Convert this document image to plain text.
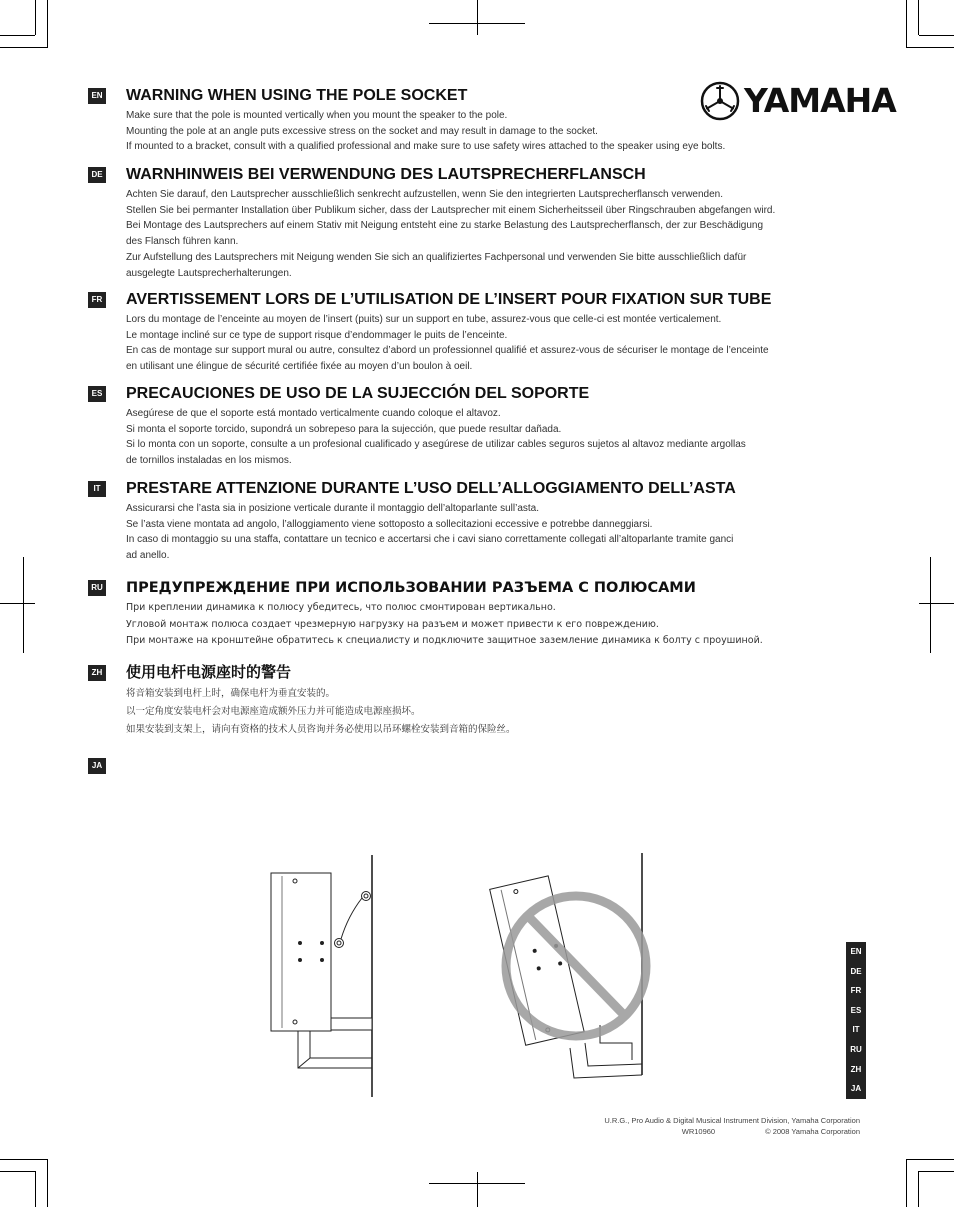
YAMAHA
EN WARNING WHEN USING THE POLE SOCKET
Make sure that the pole is mounted vertically when you mount the speaker to the pole.
Mounting the pole at an angle puts excessive stress on the socket and may result in damage to the socket.
If mounted to a bracket, consult with a qualified professional and make sure to use safety wires attached to the speaker using eye bolts.
DE WARNHINWEIS BEI VERWENDUNG DES LAUTSPRECHERFLANSCH
Achten Sie darauf, den Lautsprecher ausschließlich senkrecht aufzustellen, wenn Sie den integrierten Lautsprecherflansch verwenden.
Stellen Sie bei permanter Installation über Publikum sicher, dass der Lautsprecher mit einem Sicherheitsseil über Ringschrauben abgefangen wird.
Bei Montage des Lautsprechers auf einem Stativ mit Neigung entsteht eine zu starke Belastung des Lautsprecherflansch, der zur Beschädigung
des Flansch führen kann.
Zur Aufstellung des Lautsprechers mit Neigung wenden Sie sich an qualifiziertes Fachpersonal und verwenden Sie bitte ausschließlich dafür
ausgelegte Lautsprecherhalterungen.
FR AVERTISSEMENT LORS DE L’UTILISATION DE L’INSERT POUR FIXATION SUR TUBE
Lors du montage de l’enceinte au moyen de l’insert (puits) sur un support en tube, assurez-vous que celle-ci est montée verticalement.
Le montage incliné sur ce type de support risque d’endommager le puits de l’enceinte.
En cas de montage sur support mural ou autre, consultez d’abord un professionnel qualifié et assurez-vous de sécuriser le montage de l’enceinte
en utilisant une élingue de sécurité certifiée fixée au moyen d’un boulon à oeil.
ES PRECAUCIONES DE USO DE LA SUJECCIÓN DEL SOPORTE
Asegúrese de que el soporte está montado verticalmente cuando coloque el altavoz.
Si monta el soporte torcido, supondrá un sobrepeso para la sujección, que puede resultar dañada.
Si lo monta con un soporte, consulte a un profesional cualificado y asegúrese de utilizar cables seguros sujetos al altavoz mediante argollas
de tornillos instaladas en los mismos.
IT	PRESTARE ATTENZIONE DURANTE L’USO DELL’ALLOGGIAMENTO DELL’ASTA
Assicurarsi che l’asta sia in posizione verticale durante il montaggio dell’altoparlante sull’asta.
Se l’asta viene montata ad angolo, l’alloggiamento viene sottoposto a sollecitazioni eccessive e potrebbe danneggiarsi.
In caso di montaggio su una staffa, contattare un tecnico e accertarsi che i cavi siano correttamente collegati all’altoparlante tramite ganci
ad anello.
RU ПРЕДУПРЕЖДЕНИЕ ПРИ ИСПОЛЬЗОВАНИИ РАЗЪЕМА С ПОЛЮСАМИ
При креплении динамика к полюсу убедитесь, что полюс смонтирован вертикально.
Угловой монтаж полюса создает чрезмерную нагрузку на разъем и может привести к его повреждению.
При монтаже на кронштейне обратитесь к специалисту и подключите защитное заземление динамика к болту с проушиной.
ZH 使用电杆电源座时的警告
将音箱安装到电杆上时，确保电杆为垂直安装的。
以一定角度安装电杆会对电源座造成额外压力并可能造成电源座损坏。
如果安装到支架上，请向有资格的技术人员咨询并务必使用以吊环螺栓安装到音箱的保险丝。
JA
EN
DE
FR
ES
IT
RU
ZH
JA
U.R.G., Pro Audio & Digital Musical Instrument Division, Yamaha Corporation
WR10960	© 2008 Yamaha Corporation
